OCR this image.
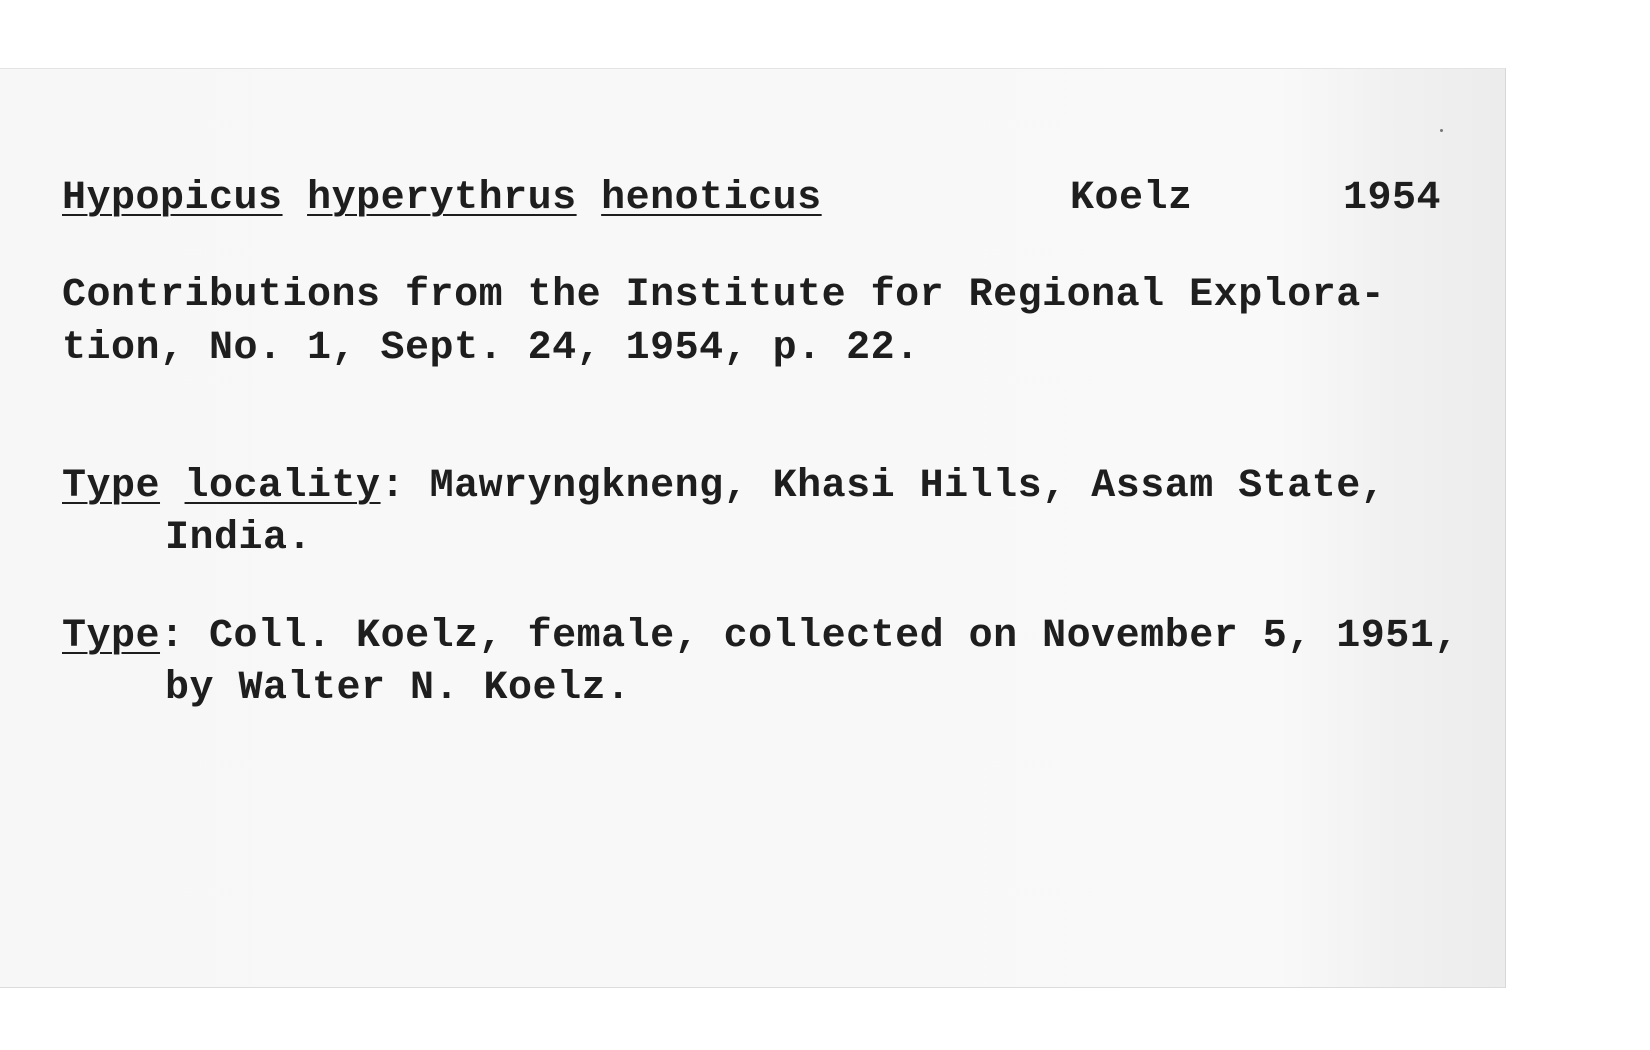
Hypopicus hyperythrus henoticus	Koelz	1954
Contributions from the Institute for Regional Explora-
tion, No. 1, Sept. 24, 1954, p. 22.
Type locality: Mawryngkneng, Khasi Hills, Assam State,
India.
Type: Coll. Koelz, female, collected on November 5, 1951,
by Walter N. Koelz.
